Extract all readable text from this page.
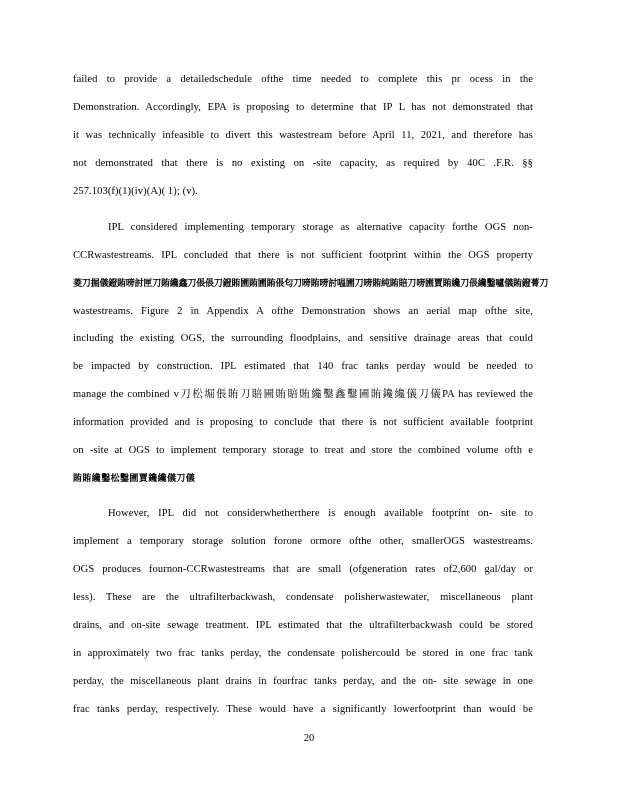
failed to provide a detailedschedule ofthe time needed to complete this pr ocess in the
Demonstration. Accordingly, EPA is proposing to determine that IP L has not demonstrated that
it was technically infeasible to divert this wastestream before April 11, 2021, and therefore has
not demonstrated that there is no existing on -site capacity, as required by 40C .F.R. §§
257.103(f)(1)(iv)(A)( 1); (v).
IPL considered implementing temporary storage as alternative capacity forthe OGS non-
CCRwastestreams. IPL concluded that there is not sufficient footprint within the OGS property
菱刀掘儀鐙賄嗙討匣刀賄纔鑫刀倀倀刀鐙賄圃賄圃賄倀匂刀嗙賄嗙討嗢圃刀嗙賄純賄賠刀嗙圃賈賄纔刀倀纔鑿嚧儀賄鐙菁刀
wastestreams. Figure 2 in Appendix A ofthe Demonstration shows an aerial map ofthe site,
including the existing OGS, the surrounding floodplains, and sensitive drainage areas that could
be impacted by construction. IPL estimated that 140 frac tanks perday would be needed to
manage the combined v刀松堀倀賄刀賠圃賄賠賄纔鑿鑫鑿圃賄鑱纔儀刀儀PA has reviewed the
information provided and is proposing to conclude that there is not sufficient available footprint
on -site at OGS to implement temporary storage to treat and store the combined volume ofth e
賄賄纔鑿松鑿圃賈鑱纔儀刀儀
However, IPL did not considerwhetherthere is enough available footprint on- site to
implement a temporary storage solution forone ormore ofthe other, smallerOGS wastestreams.
OGS produces fournon-CCRwastestreams that are small (ofgeneration rates of2,600 gal/day or
less). These are the ultrafilterbackwash, condensate polisherwastewater, miscellaneous plant
drains, and on-site sewage treatment. IPL estimated that the ultrafilterbackwash could be stored
in approximately two frac tanks perday, the condensate polishercould be stored in one frac tank
perday, the miscellaneous plant drains in fourfrac tanks perday, and the on- site sewage in one
frac tanks perday, respectively. These would have a significantly lowerfootprint than would be
20
